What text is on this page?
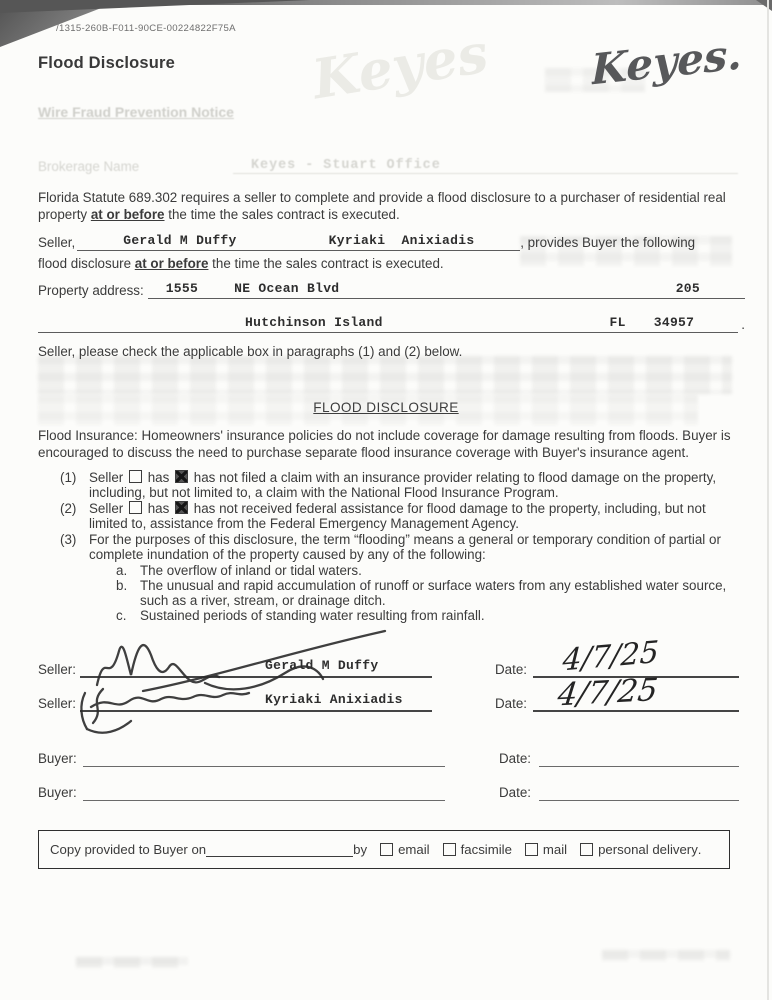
Keyes
Wire Fraud Prevention Notice
Brokerage Name	Keyes - Stuart Office
/1315-260B-F011-90CE-00224822F75A
Flood Disclosure	Keyes.

Florida Statute 689.302 requires a seller to complete and provide a flood disclosure to a purchaser of residential real property at or before the time the sales contract is executed.

Seller,	Gerald M Duffy	Kyriaki  Anixiadis	, provides Buyer the following

flood disclosure at or before the time the sales contract is executed.

Property address: 1555	NE Ocean Blvd	205
Hutchinson Island	FL 34957	.

Seller, please check the applicable box in paragraphs (1) and (2) below.

FLOOD DISCLOSURE

Flood Insurance: Homeowners' insurance policies do not include coverage for damage resulting from floods. Buyer is encouraged to discuss the need to purchase separate flood insurance coverage with Buyer's insurance agent.

(1) Seller has has not filed a claim with an insurance provider relating to flood damage on the property, including, but not limited to, a claim with the National Flood Insurance Program.
(2) Seller has has not received federal assistance for flood damage to the property, including, but not limited to, assistance from the Federal Emergency Management Agency.
(3) For the purposes of this disclosure, the term “flooding” means a general or temporary condition of partial or complete inundation of the property caused by any of the following:
a. The overflow of inland or tidal waters.
b. The unusual and rapid accumulation of runoff or surface waters from any established water source, such as a river, stream, or drainage ditch.
c.	Sustained periods of standing water resulting from rainfall.
Seller:	Gerald M Duffy	Date: 4/7/25
Seller:	Kyriaki Anixiadis	Date: 4/7/25
Buyer:	Date:
Buyer:	Date:
Copy provided to Buyer on	by email facsimile mail personal delivery .
